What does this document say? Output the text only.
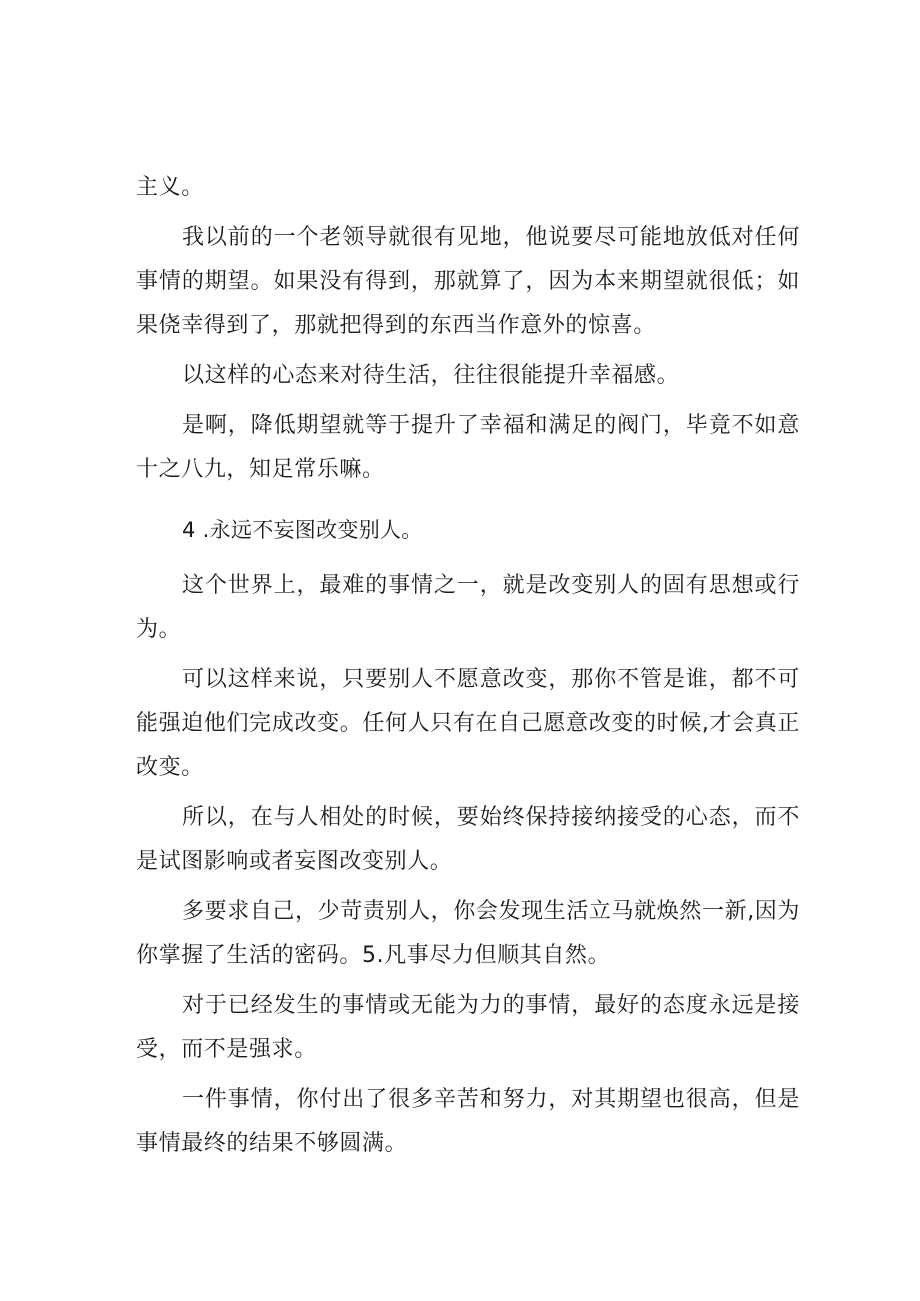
主义。

我以前的一个老领导就很有见地，他说要尽可能地放低对任何事情的期望。如果没有得到，那就算了，因为本来期望就很低；如果侥幸得到了，那就把得到的东西当作意外的惊喜。

以这样的心态来对待生活，往往很能提升幸福感。

是啊，降低期望就等于提升了幸福和满足的阀门，毕竟不如意十之八九，知足常乐嘛。

4 .永远不妄图改变别人。

这个世界上，最难的事情之一，就是改变别人的固有思想或行为。

可以这样来说，只要别人不愿意改变，那你不管是谁，都不可能强迫他们完成改变。任何人只有在自己愿意改变的时候,才会真正改变。

所以，在与人相处的时候，要始终保持接纳接受的心态，而不是试图影响或者妄图改变别人。

多要求自己，少苛责别人，你会发现生活立马就焕然一新,因为你掌握了生活的密码。5.凡事尽力但顺其自然。

对于已经发生的事情或无能为力的事情，最好的态度永远是接受，而不是强求。

一件事情，你付出了很多辛苦和努力，对其期望也很高，但是事情最终的结果不够圆满。
